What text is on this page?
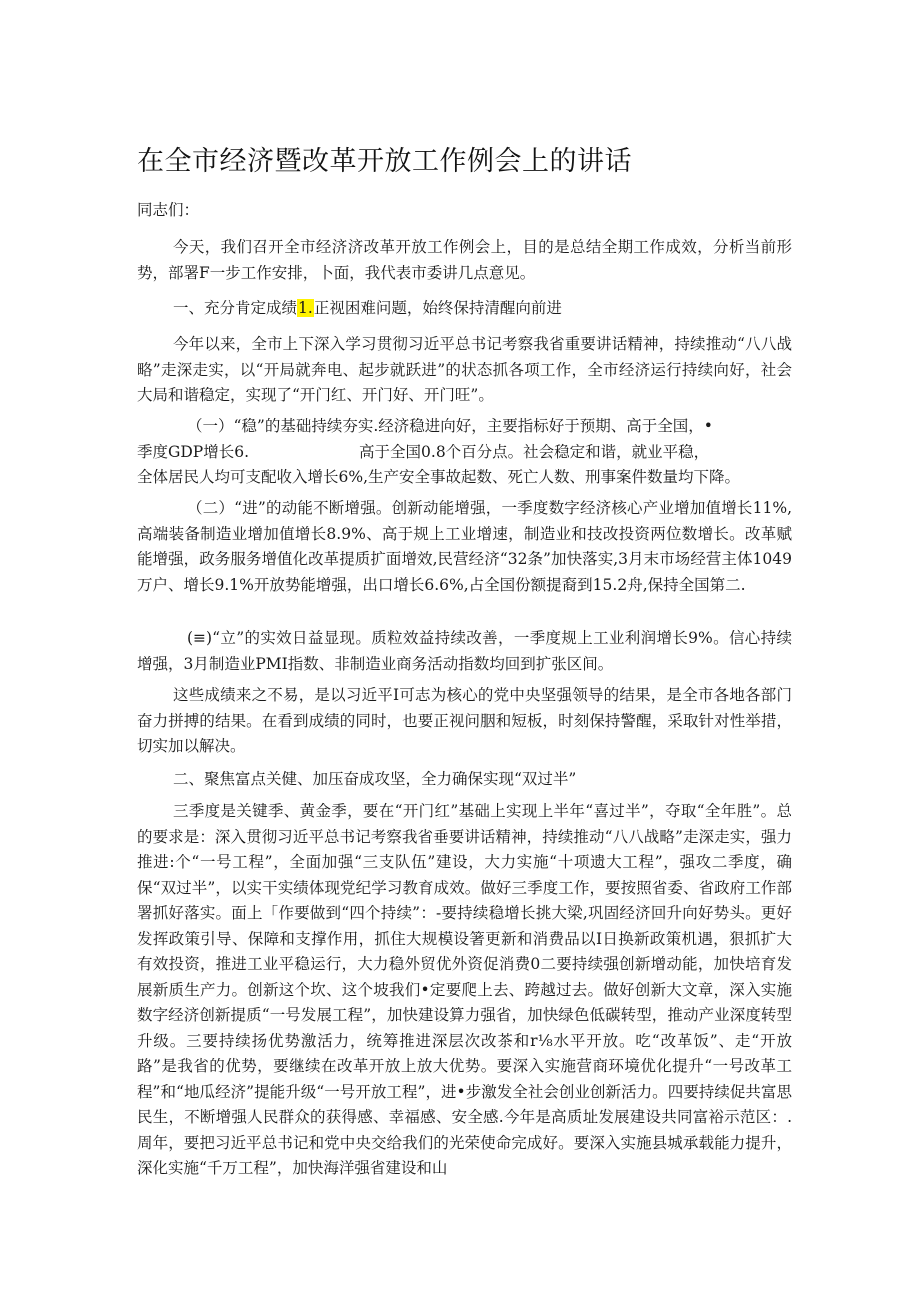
在全市经济暨改革开放工作例会上的讲话

同志们：

今天，我们召开全市经济济改革开放工作例会上，目的是总结全期工作成效，分析当前形势，部署F一步工作安排，卜面，我代表市委讲几点意见。

一、充分肯定成绩1.正视困难问题，始终保持清醒向前进

今年以来，全市上下深入学习贯彻习近平总书记考察我省重要讲话精神，持续推动“八八战略”走深走实，以“开局就奔电、起步就跃进”的状态抓各项工作，全市经济运行持续向好，社会大局和谐稳定，实现了“开门红、开门好、开门旺”。

（一）“稳”的基础持续夯实.经济稳进向好，主要指标好于预期、高于全国，•
季度GDP增长6.	高于全国0.8个百分点。社会稳定和谐，就业平稳，
全体居民人均可支配收入增长6%,生产安全事故起数、死亡人数、刑事案件数量均下降。

（二）“进”的动能不断增强。创新动能增强，一季度数字经济核心产业增加值增长11%,高端装备制造业增加值增长8.9%、高于规上工业增速，制造业和技改投资两位数增长。改革赋能增强，政务服务增值化改革提质扩面增效,民营经济“32条”加快落实,3月末市场经营主体1049万户、增长9.1%开放势能增强，出口增长6.6%,占全国份额提裔到15.2舟,保持全国第二.

(≡)“立”的实效日益显现。质粒效益持续改善，一季度规上工业利润增长9%。信心持续增强，3月制造业PMI指数、非制造业商务活动指数均回到扩张区间。

这些成绩来之不易，是以习近平I可志为核心的党中央坚强领导的结果，是全市各地各部门奋力拼搏的结果。在看到成绩的同时，也要正视问胭和短板，时刻保持警醒，采取针对性举措，切实加以解决。

二、聚焦富点关健、加压奋成攻坚，全力确保实现“双过半”

三季度是关键季、黄金季，要在“开门红”基础上实现上半年“喜过半”，夺取“全年胜”。总的要求是：深入贯彻习近平总书记考察我省垂要讲话精神，持续推动“八八战略”走深走实，强力推进:个“一号工程”，全面加强“三支队伍”建设，大力实施“十项遗大工程”，强攻二季度，确保“双过半”，以实干实绩体现党纪学习教育成效。做好三季度工作，要按照省委、省政府工作部署抓好落实。面上「作要做到“四个持续”：-要持续稳增长挑大梁,巩固经济回升向好势头。更好发挥政策引导、保障和支撑作用，抓住大规模设箸更新和消费品以I日换新政策机遇，狠抓扩大有效投资，推进工业平稳运行，大力稳外贸优外资促消费0二要持续强创新增动能，加快培育发展新质生产力。创新这个坎、这个坡我们•定要爬上去、跨越过去。做好创新大文章，深入实施数字经济创新提质“一号发展工程”，加快建设算力强省，加快绿色低碳转型，推动产业深度转型升级。三要持续扬优势激活力，统筹推进深层次改茶和r⅛水平开放。吃“改革饭”、走“开放路”是我省的优势，要继续在改革开放上放大优势。要深入实施营商环境优化提升“一号改革工程”和“地瓜经济”提能升级“一号开放工程”，进•步激发全社会创业创新活力。四要持续促共富思民生，不断增强人民群众的获得感、幸福感、安全感.今年是高质址发展建设共同富裕示范区：.周年，要把习近平总书记和党中央交给我们的光荣使命完成好。要深入实施县城承载能力提升，深化实施“千万工程”，加快海洋强省建设和山
